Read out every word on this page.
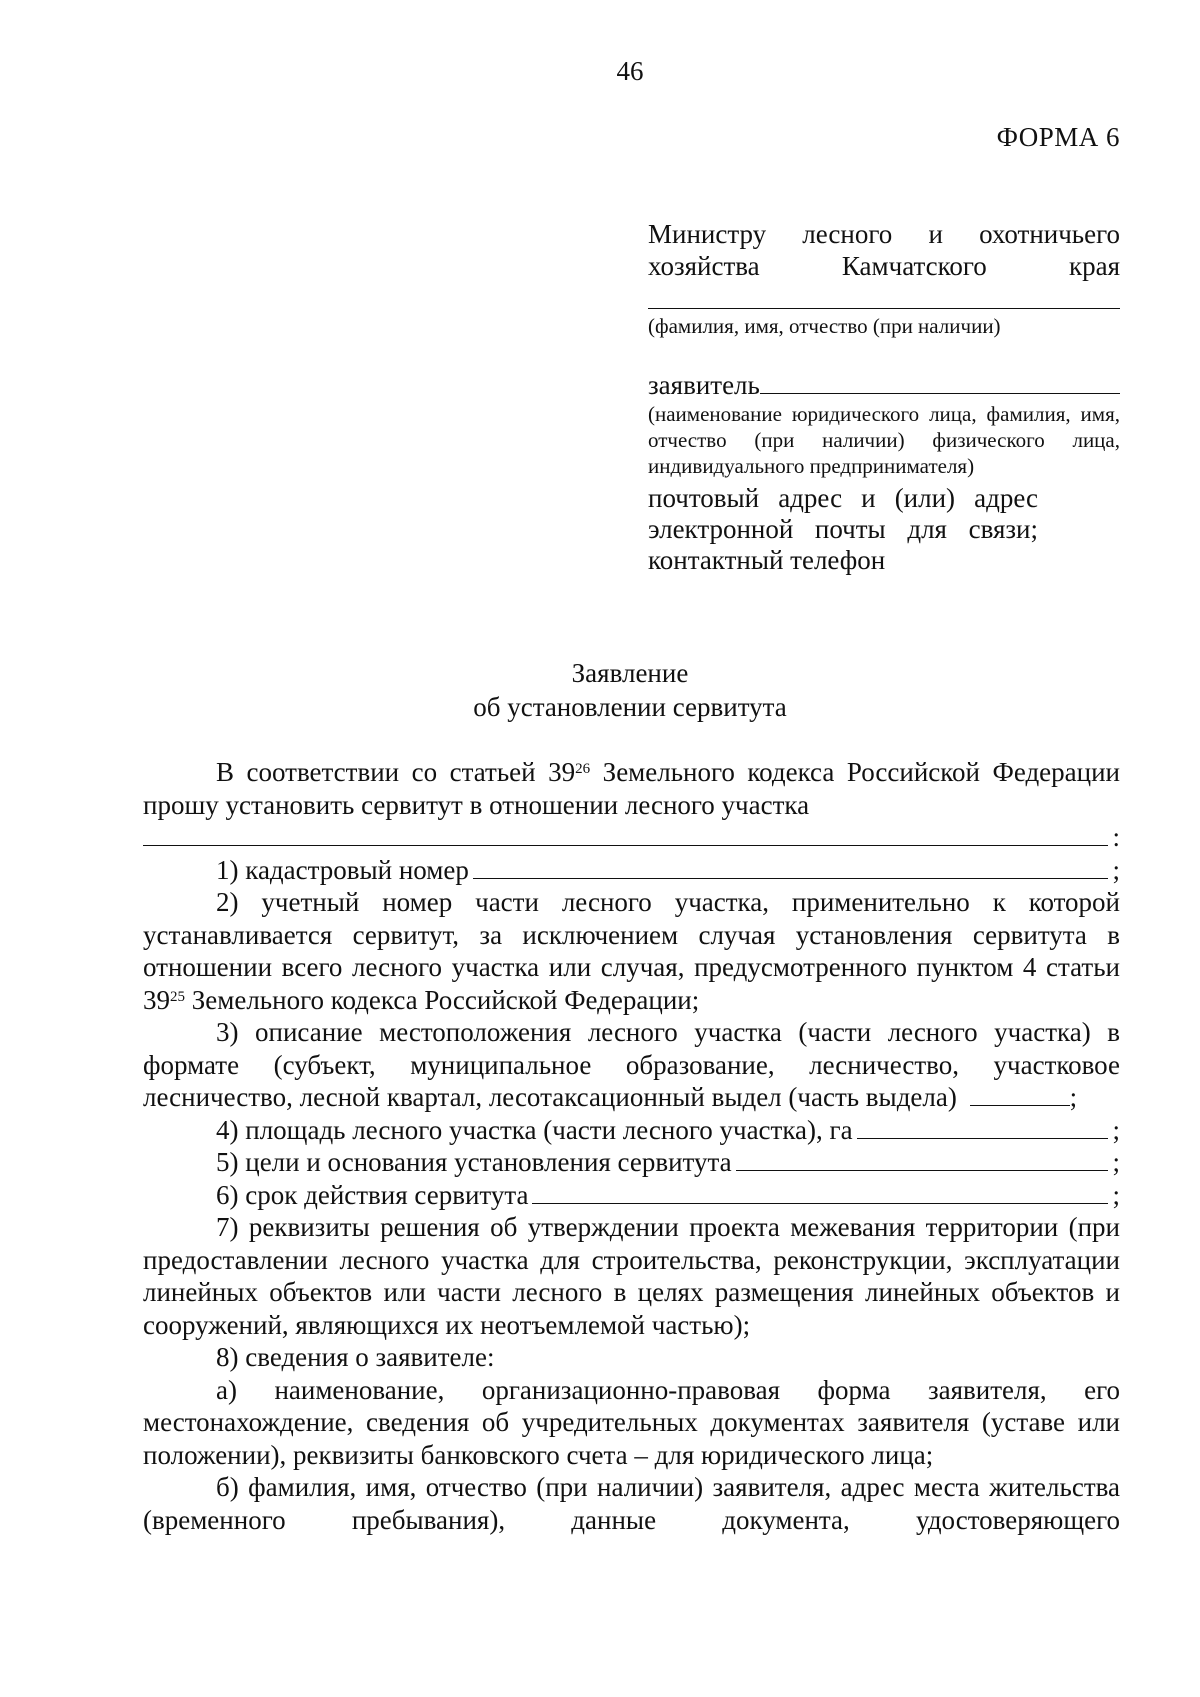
46
ФОРМА 6
Министру лесного и охотничьего
хозяйства Камчатского края
(фамилия, имя, отчество (при наличии)
заявитель
(наименование юридического лица, фамилия, имя, отчество (при наличии) физического лица, индивидуального предпринимателя)
почтовый адрес и (или) адрес электронной почты для связи; контактный телефон
Заявление
об установлении сервитута
В соответствии со статьей $39^{26}$ Земельного кодекса Российской Федерации прошу установить сервитут в отношении лесного участка
:
1) кадастровый номер	;
2) учетный номер части лесного участка, применительно к которой устанавливается сервитут, за исключением случая установления сервитута в отношении всего лесного участка или случая, предусмотренного пунктом 4 статьи $39^{25}$ Земельного кодекса Российской Федерации;
3) описание местоположения лесного участка (части лесного участка) в формате (субъект, муниципальное образование, лесничество, участковое лесничество, лесной квартал, лесотаксационный выдел (часть выдела)	;
4) площадь лесного участка (части лесного участка), га	;
5) цели и основания установления сервитута	;
6) срок действия сервитута	;
7) реквизиты решения об утверждении проекта межевания территории (при предоставлении лесного участка для строительства, реконструкции, эксплуатации линейных объектов или части лесного в целях размещения линейных объектов и сооружений, являющихся их неотъемлемой частью);
8) сведения о заявителе:
а) наименование, организационно-правовая форма заявителя, его местонахождение, сведения об учредительных документах заявителя (уставе или положении), реквизиты банковского счета – для юридического лица;
б) фамилия, имя, отчество (при наличии) заявителя, адрес места жительства (временного пребывания), данные документа, удостоверяющего
